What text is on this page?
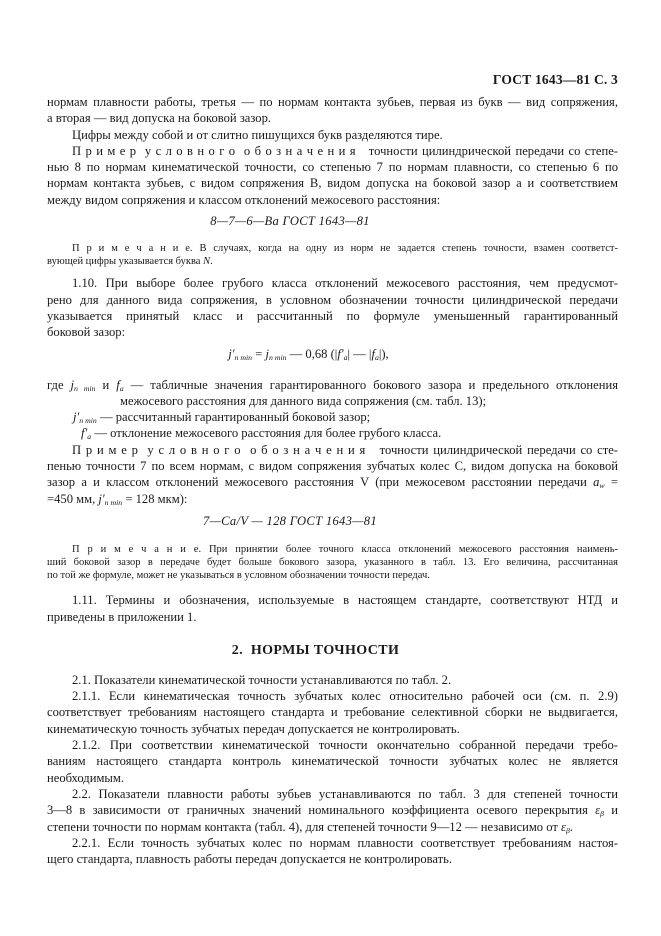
ГОСТ 1643—81 С. 3
нормам плавности работы, третья — по нормам контакта зубьев, первая из букв — вид сопряжения,
а вторая — вид допуска на боковой зазор.
Цифры между собой и от слитно пишущихся букв разделяются тире.
П р и м е р  у с л о в н о г о  о б о з н а ч е н и я   точности цилиндрической передачи со степе-
нью 8 по нормам кинематической точности, со степенью 7 по нормам плавности, со степенью 6 по
нормам контакта зубьев, с видом сопряжения В, видом допуска на боковой зазор а и соответствием
между видом сопряжения и классом отклонений межосевого расстояния:
8—7—6—Ва ГОСТ 1643—81
П р и м е ч а н и е. В случаях, когда на одну из норм не задается степень точности, взамен соответст-
вующей цифры указывается буква N.
1.10. При выборе более грубого класса отклонений межосевого расстояния, чем предусмот-
рено для данного вида сопряжения, в условном обозначении точности цилиндрической передачи
указывается принятый класс и рассчитанный по формуле уменьшенный гарантированный
боковой зазор:
$j'_{n min} = j_{n min}$ — 0,68 ($|f'_a|$ — $|f_a|$),
где $j_{n min}$ и $f_a$ — табличные значения гарантированного бокового зазора и предельного отклонения
межосевого расстояния для данного вида сопряжения (см. табл. 13);
$j'_{n min}$ — рассчитанный гарантированный боковой зазор;
$f'_a$ — отклонение межосевого расстояния для более грубого класса.
П р и м е р  у с л о в н о г о  о б о з н а ч е н и я   точности цилиндрической передачи со сте-
пенью точности 7 по всем нормам, с видом сопряжения зубчатых колес С, видом допуска на боковой
зазор а и классом отклонений межосевого расстояния V (при межосевом расстоянии передачи $a_w$ =
=450 мм, $j'_{n min} = 128$ мкм):
7—Са/V — 128 ГОСТ 1643—81
П р и м е ч а н и е. При принятии более точного класса отклонений межосевого расстояния наимень-
ший боковой зазор в передаче будет больше бокового зазора, указанного в табл. 13. Его величина, рассчитанная
по той же формуле, может не указываться в условном обозначении точности передач.
1.11. Термины и обозначения, используемые в настоящем стандарте, соответствуют НТД и
приведены в приложении 1.
2.  НОРМЫ ТОЧНОСТИ
2.1. Показатели кинематической точности устанавливаются по табл. 2.
2.1.1. Если кинематическая точность зубчатых колес относительно рабочей оси (см. п. 2.9)
соответствует требованиям настоящего стандарта и требование селективной сборки не выдвигается,
кинематическую точность зубчатых передач допускается не контролировать.
2.1.2. При соответствии кинематической точности окончательно собранной передачи требо-
ваниям настоящего стандарта контроль кинематической точности зубчатых колес не является
необходимым.
2.2. Показатели плавности работы зубьев устанавливаются по табл. 3 для степеней точности
3—8 в зависимости от граничных значений номинального коэффициента осевого перекрытия $\varepsilon_\beta$ и
степени точности по нормам контакта (табл. 4), для степеней точности 9—12 — независимо от $\varepsilon_\beta$.
2.2.1. Если точность зубчатых колес по нормам плавности соответствует требованиям настоя-
щего стандарта, плавность работы передач допускается не контролировать.
